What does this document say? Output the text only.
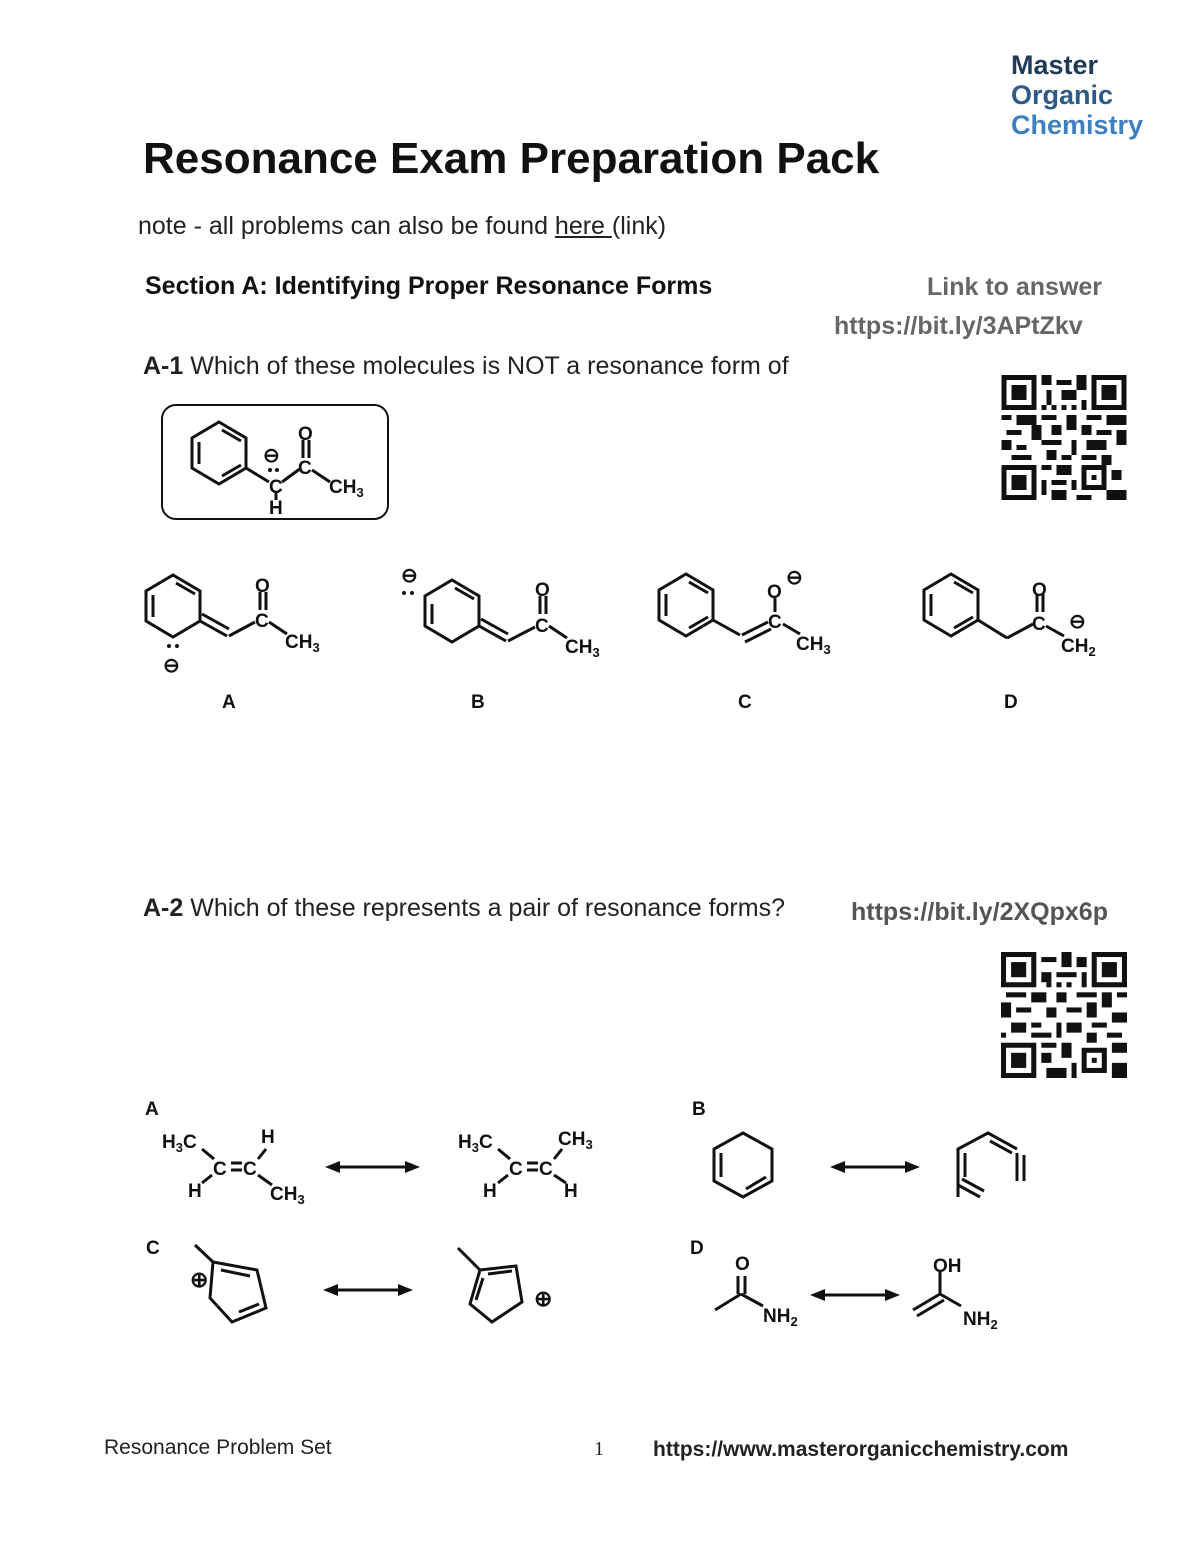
Master
Organic
Chemistry
Resonance Exam Preparation Pack
note - all problems can also be found here (link)
Section A: Identifying Proper Resonance Forms	Link to answer
https://bit.ly/3APtZkv
A-1 Which of these molecules is NOT a resonance form of
O
C
C
H
$CH_3$
⊖
O
C
$CH_3$
⊖
A
⊖
O
C
$CH_3$
B
O
⊖
C
$CH_3$
C
O
C ⊖
$CH_2$
D
A-2 Which of these represents a pair of resonance forms?	https://bit.ly/2XQpx6p
A
$H_3C$	H
C C
H	$CH_3$
$H_3C$	$CH_3$
C C
H	H
B
C
⊕
⊕
D
O
$NH_2$
OH
$NH_2$
Resonance Problem Set	1 https://www.masterorganicchemistry.com
